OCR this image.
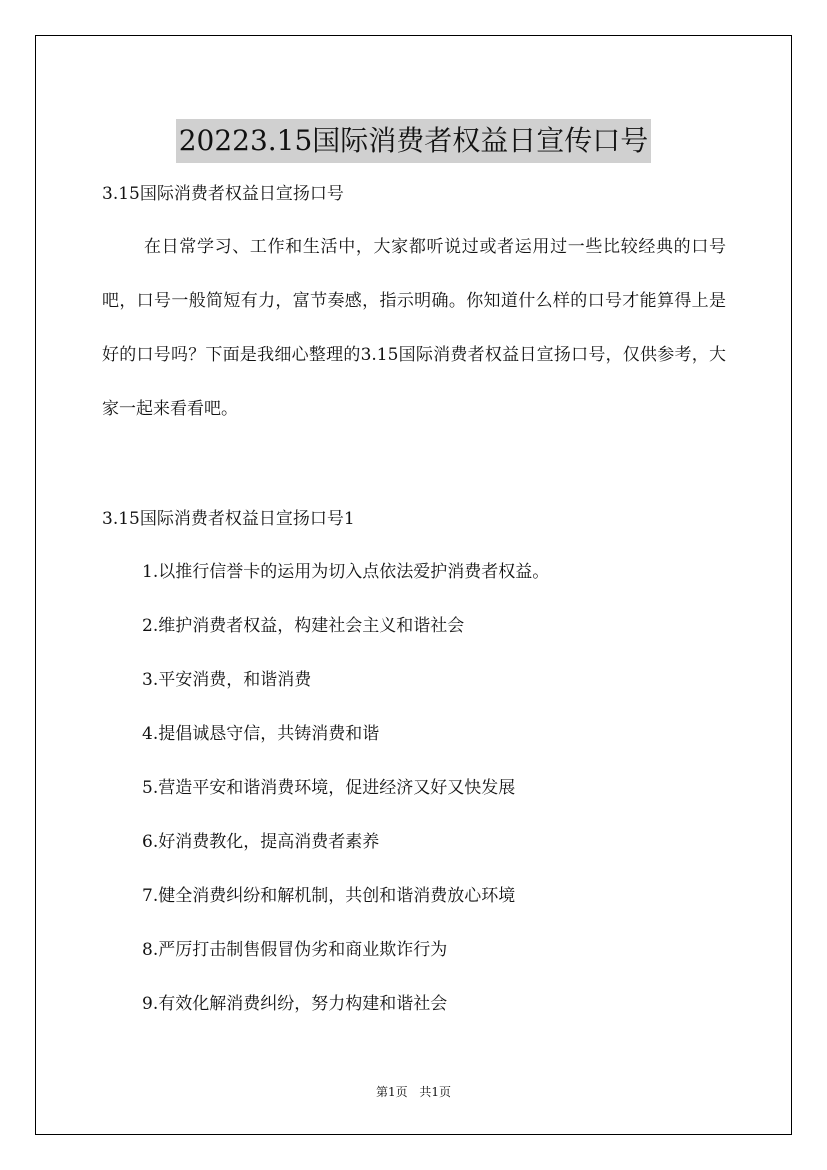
20223.15国际消费者权益日宣传口号

3.15国际消费者权益日宣扬口号

在日常学习、工作和生活中，大家都听说过或者运用过一些比较经典的口号吧，口号一般简短有力，富节奏感，指示明确。你知道什么样的口号才能算得上是好的口号吗？下面是我细心整理的3.15国际消费者权益日宣扬口号，仅供参考，大家一起来看看吧。

3.15国际消费者权益日宣扬口号1

1.以推行信誉卡的运用为切入点依法爱护消费者权益。
2.维护消费者权益，构建社会主义和谐社会
3.平安消费，和谐消费
4.提倡诚恳守信，共铸消费和谐
5.营造平安和谐消费环境，促进经济又好又快发展
6.好消费教化，提高消费者素养
7.健全消费纠纷和解机制，共创和谐消费放心环境
8.严厉打击制售假冒伪劣和商业欺诈行为
9.有效化解消费纠纷，努力构建和谐社会
第1页 共1页
